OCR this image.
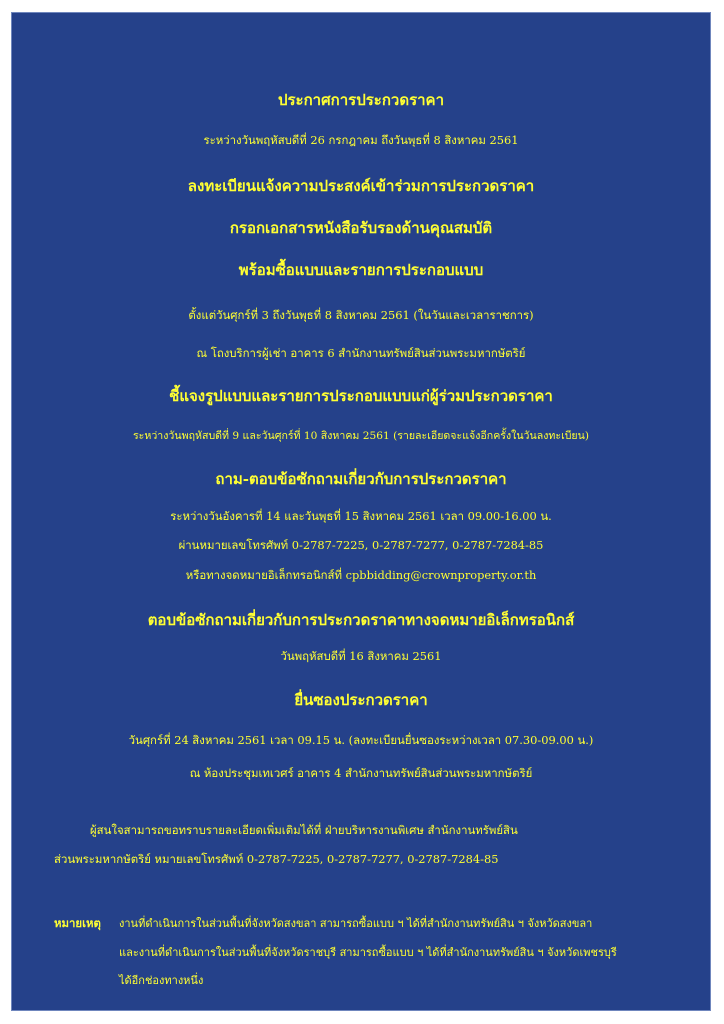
ประกาศการประกวดราคา
ระหว่างวันพฤหัสบดีที่ 26 กรกฎาคม ถึงวันพุธที่ 8 สิงหาคม 2561
ลงทะเบียนแจ้งความประสงค์เข้าร่วมการประกวดราคา
กรอกเอกสารหนังสือรับรองด้านคุณสมบัติ
พร้อมซื้อแบบและรายการประกอบแบบ
ตั้งแต่วันศุกร์ที่ 3 ถึงวันพุธที่ 8 สิงหาคม 2561 (ในวันและเวลาราชการ)
ณ โถงบริการผู้เช่า อาคาร 6 สำนักงานทรัพย์สินส่วนพระมหากษัตริย์
ชี้แจงรูปแบบและรายการประกอบแบบแก่ผู้ร่วมประกวดราคา
ระหว่างวันพฤหัสบดีที่ 9 และวันศุกร์ที่ 10 สิงหาคม 2561 (รายละเอียดจะแจ้งอีกครั้งในวันลงทะเบียน)
ถาม-ตอบข้อซักถามเกี่ยวกับการประกวดราคา
ระหว่างวันอังคารที่ 14 และวันพุธที่ 15 สิงหาคม 2561 เวลา 09.00-16.00 น.
ผ่านหมายเลขโทรศัพท์ 0-2787-7225, 0-2787-7277, 0-2787-7284-85
หรือทางจดหมายอิเล็กทรอนิกส์ที่ cpbbidding@crownproperty.or.th
ตอบข้อซักถามเกี่ยวกับการประกวดราคาทางจดหมายอิเล็กทรอนิกส์
วันพฤหัสบดีที่ 16 สิงหาคม 2561
ยื่นซองประกวดราคา
วันศุกร์ที่ 24 สิงหาคม 2561 เวลา 09.15 น. (ลงทะเบียนยื่นซองระหว่างเวลา 07.30-09.00 น.)
ณ ห้องประชุมเทเวศร์ อาคาร 4 สำนักงานทรัพย์สินส่วนพระมหากษัตริย์
ผู้สนใจสามารถขอทราบรายละเอียดเพิ่มเติมได้ที่ ฝ่ายบริหารงานพิเศษ สำนักงานทรัพย์สิน
ส่วนพระมหากษัตริย์ หมายเลขโทรศัพท์ 0-2787-7225, 0-2787-7277, 0-2787-7284-85
หมายเหตุ งานที่ดำเนินการในส่วนพื้นที่จังหวัดสงขลา สามารถซื้อแบบ ฯ ได้ที่สำนักงานทรัพย์สิน ฯ จังหวัดสงขลา
และงานที่ดำเนินการในส่วนพื้นที่จังหวัดราชบุรี สามารถซื้อแบบ ฯ ได้ที่สำนักงานทรัพย์สิน ฯ จังหวัดเพชรบุรี
ได้อีกช่องทางหนึ่ง
